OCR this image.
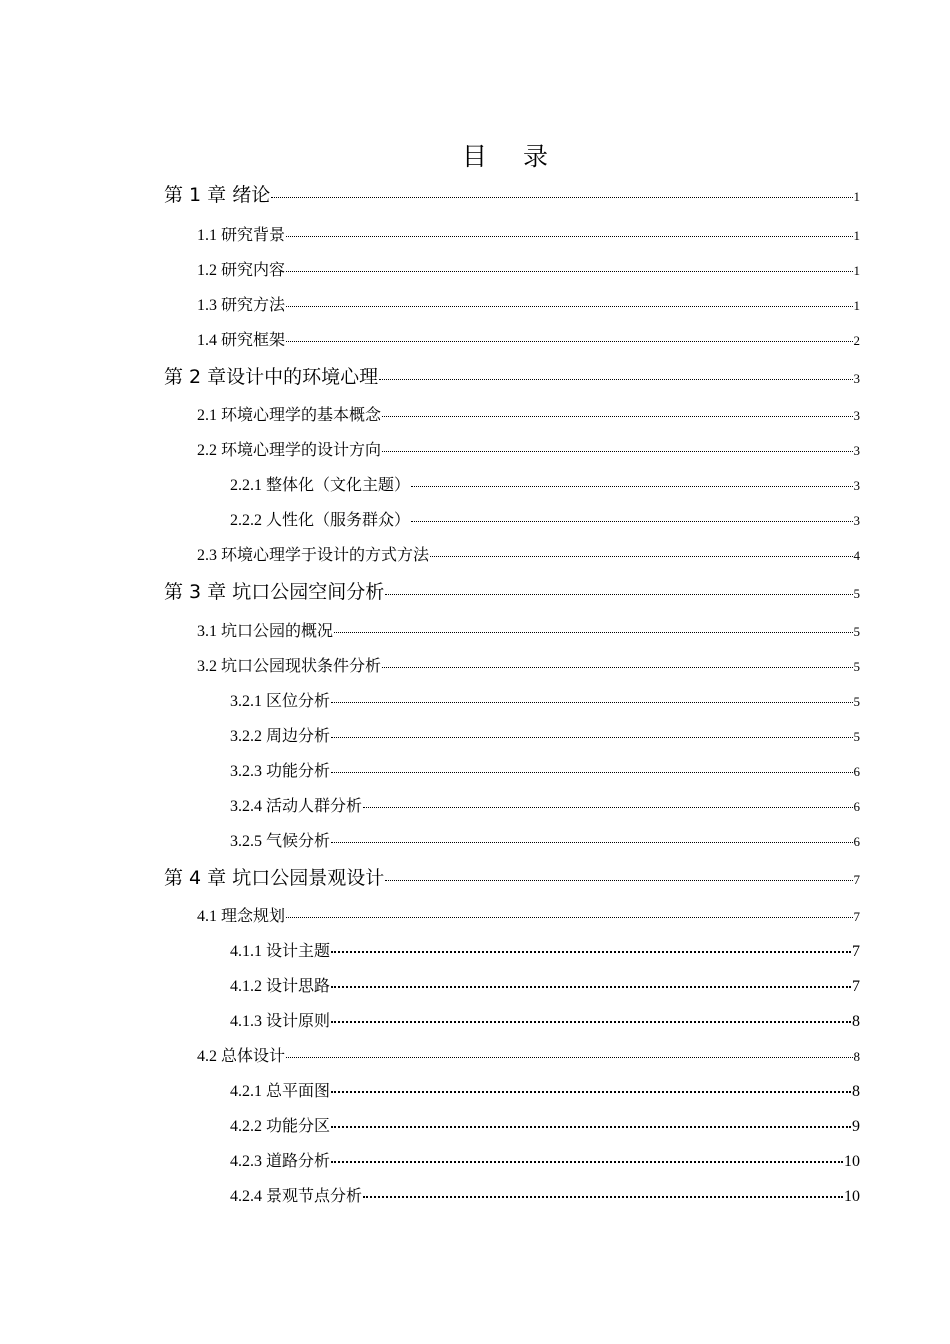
目 录
第 1 章 绪论	1
1.1 研究背景	1
1.2 研究内容	1
1.3 研究方法	1
1.4 研究框架	2
第 2 章设计中的环境心理	3
2.1 环境心理学的基本概念	3
2.2 环境心理学的设计方向	3
2.2.1 整体化（文化主题）	3
2.2.2 人性化（服务群众）	3
2.3 环境心理学于设计的方式方法	4
第 3 章 坑口公园空间分析	5
3.1 坑口公园的概况	5
3.2 坑口公园现状条件分析	5
3.2.1 区位分析	5
3.2.2 周边分析	5
3.2.3 功能分析	6
3.2.4 活动人群分析	6
3.2.5 气候分析	6
第 4 章 坑口公园景观设计	7
4.1 理念规划	7
4.1.1 设计主题	7
4.1.2 设计思路	7
4.1.3 设计原则	8
4.2 总体设计	8
4.2.1 总平面图	8
4.2.2 功能分区	9
4.2.3 道路分析	10
4.2.4 景观节点分析	10
